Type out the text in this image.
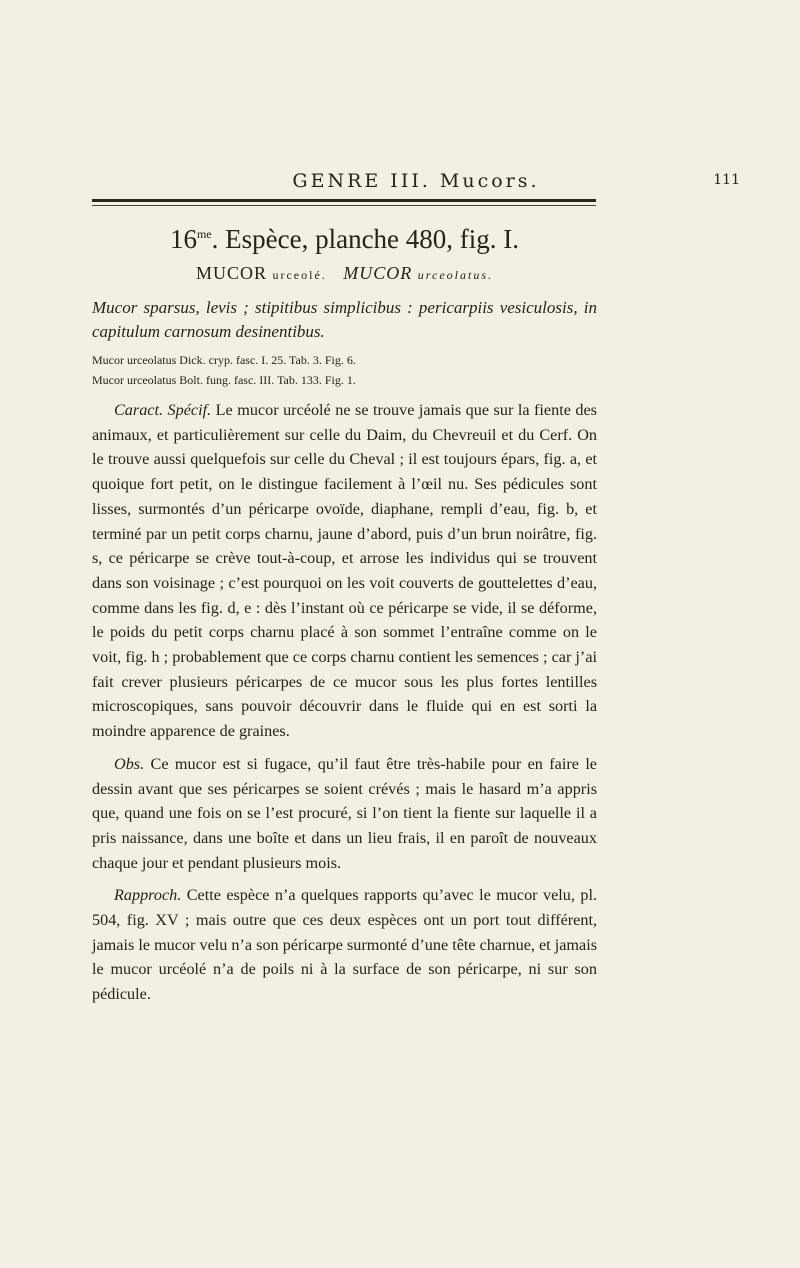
GENRE III. Mucors.	111
$16^{me}$. Espèce, planche 480, fig. I.
MUCOR urceolé. MUCOR urceolatus.

Mucor sparsus, levis ; stipitibus simplicibus : pericarpiis vesiculosis, in capitulum carnosum desinentibus.

Mucor urceolatus Dick. cryp. fasc. I. 25. Tab. 3. Fig. 6.

Mucor urceolatus Bolt. fung. fasc. III. Tab. 133. Fig. 1.

Caract. Spécif. Le mucor urcéolé ne se trouve jamais que sur la fiente des animaux, et particulièrement sur celle du Daim, du Chevreuil et du Cerf. On le trouve aussi quelquefois sur celle du Cheval ; il est toujours épars, fig. a, et quoique fort petit, on le distingue facilement à l’œil nu. Ses pédicules sont lisses, surmontés d’un péricarpe ovoïde, diaphane, rempli d’eau, fig. b, et terminé par un petit corps charnu, jaune d’abord, puis d’un brun noirâtre, fig. s, ce péricarpe se crève tout-à-coup, et arrose les individus qui se trouvent dans son voisinage ; c’est pourquoi on les voit couverts de gouttelettes d’eau, comme dans les fig. d, e : dès l’instant où ce péricarpe se vide, il se déforme, le poids du petit corps charnu placé à son sommet l’entraîne comme on le voit, fig. h ; probablement que ce corps charnu contient les semences ; car j’ai fait crever plusieurs péricarpes de ce mucor sous les plus fortes lentilles microscopiques, sans pouvoir découvrir dans le fluide qui en est sorti la moindre apparence de graines.

Obs. Ce mucor est si fugace, qu’il faut être très-habile pour en faire le dessin avant que ses péricarpes se soient crévés ; mais le hasard m’a appris que, quand une fois on se l’est procuré, si l’on tient la fiente sur laquelle il a pris naissance, dans une boîte et dans un lieu frais, il en paroît de nouveaux chaque jour et pendant plusieurs mois.

Rapproch. Cette espèce n’a quelques rapports qu’avec le mucor velu, pl. 504, fig. XV ; mais outre que ces deux espèces ont un port tout différent, jamais le mucor velu n’a son péricarpe surmonté d’une tête charnue, et jamais le mucor urcéolé n’a de poils ni à la surface de son péricarpe, ni sur son pédicule.
